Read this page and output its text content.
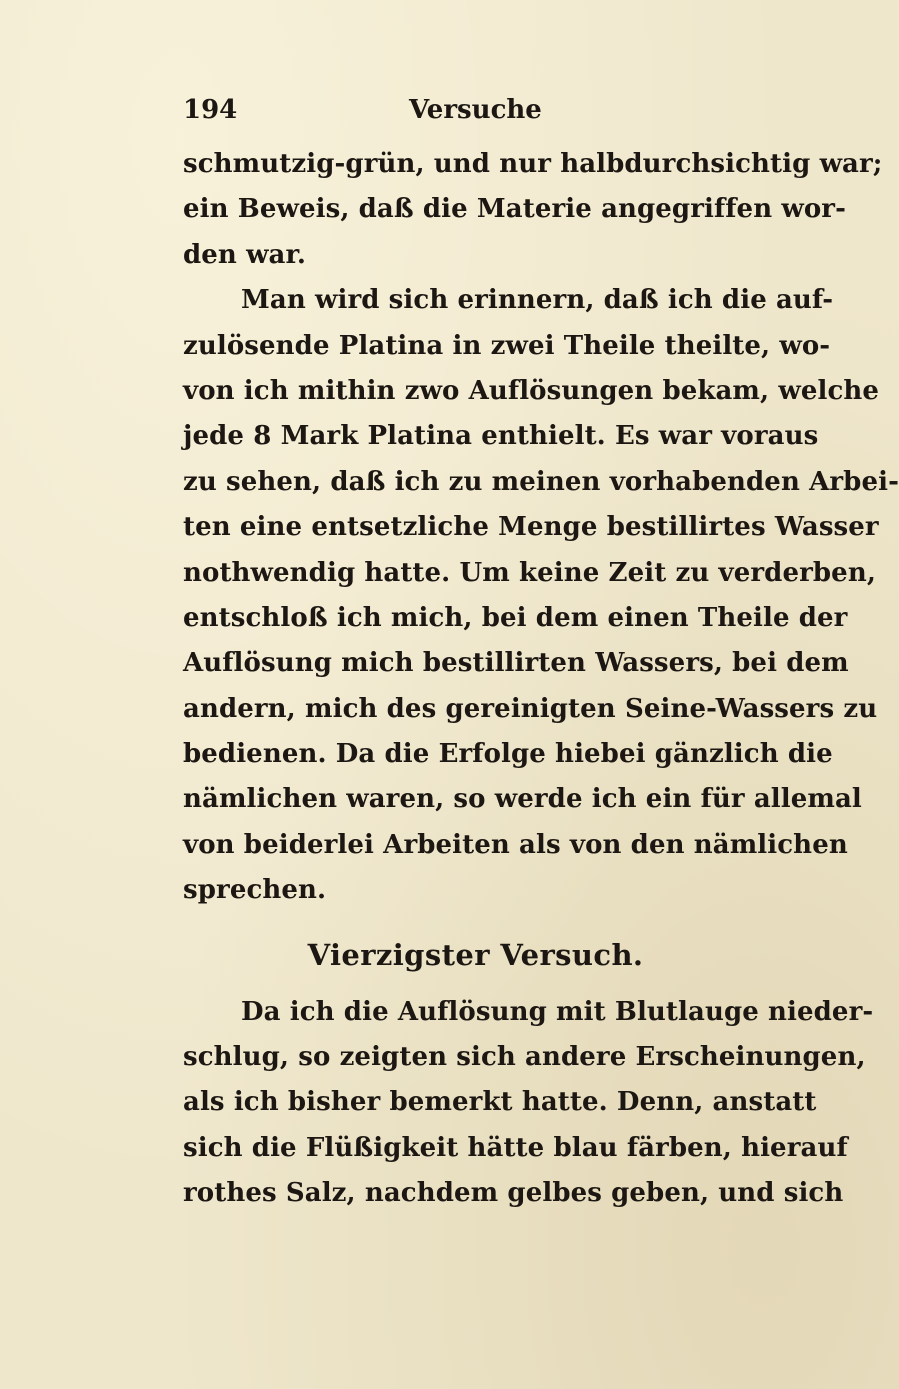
194	Versuche
schmutzig-grün, und nur halbdurchsichtig war;
ein Beweis, daß die Materie angegriffen wor-
den war.
Man wird sich erinnern, daß ich die auf-
zulösende Platina in zwei Theile theilte, wo-
von ich mithin zwo Auflösungen bekam, welche
jede 8 Mark Platina enthielt. Es war voraus
zu sehen, daß ich zu meinen vorhabenden Arbei-
ten eine entsetzliche Menge bestillirtes Wasser
nothwendig hatte. Um keine Zeit zu verderben,
entschloß ich mich, bei dem einen Theile der
Auflösung mich bestillirten Wassers, bei dem
andern, mich des gereinigten Seine-Wassers zu
bedienen. Da die Erfolge hiebei gänzlich die
nämlichen waren, so werde ich ein für allemal
von beiderlei Arbeiten als von den nämlichen
sprechen.
Vierzigster Versuch.
Da ich die Auflösung mit Blutlauge nieder-
schlug, so zeigten sich andere Erscheinungen,
als ich bisher bemerkt hatte. Denn, anstatt
sich die Flüßigkeit hätte blau färben, hierauf
rothes Salz, nachdem gelbes geben, und sich
